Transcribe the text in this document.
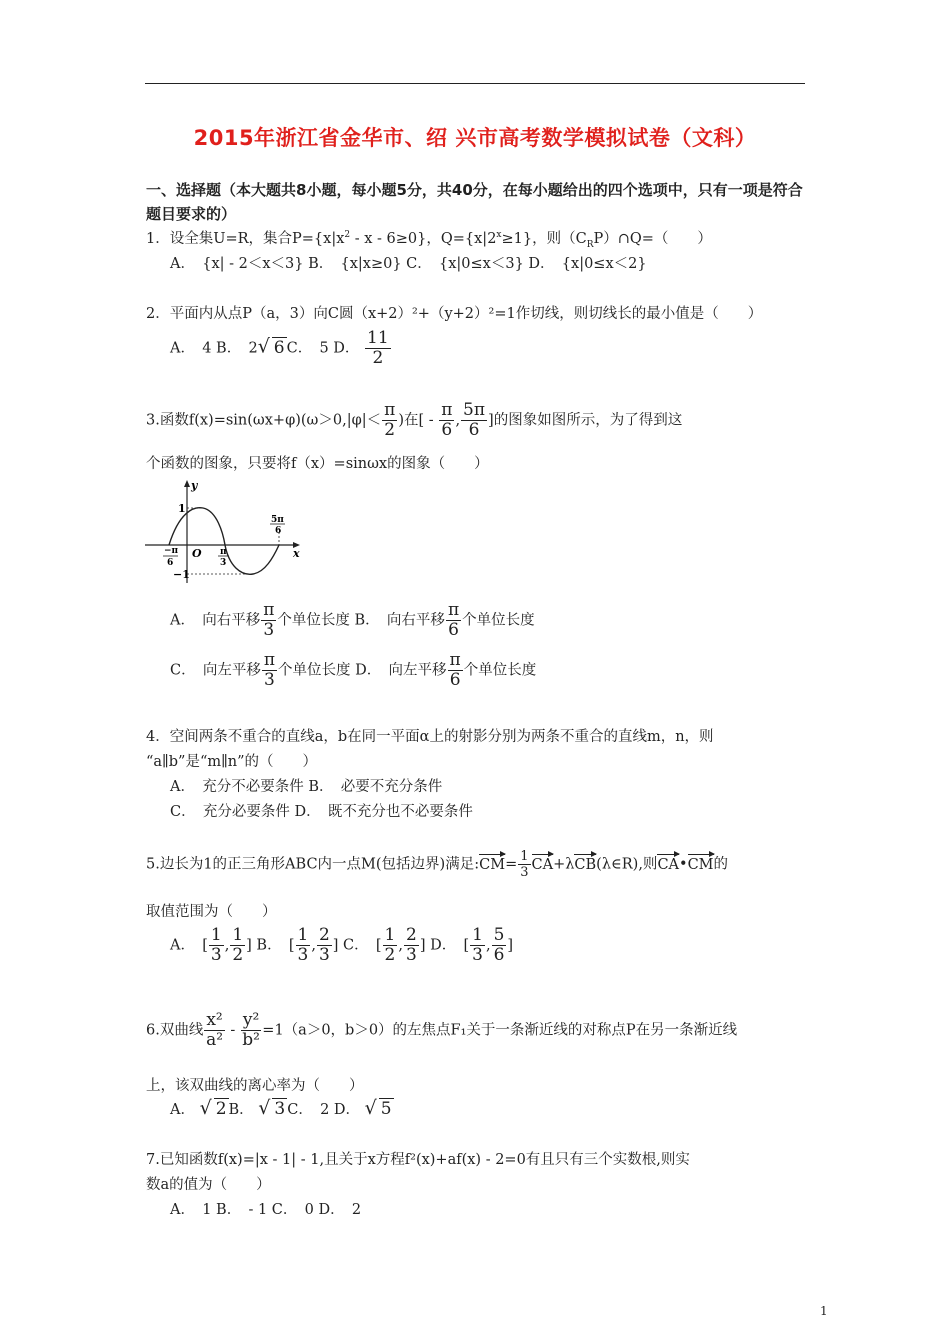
2015年浙江省金华市、绍 兴市高考数学模拟试卷（文科）
一、选择题（本大题共8小题，每小题5分，共40分，在每小题给出的四个选项中，只有一项是符合题目要求的）
1．设全集U=R，集合$P=\{x|x^2 - x - 6\ge 0\}$，$Q=\{x|2^x\ge 1\}$，则$(C_RP)\cap Q=$（　　）
A．　{x| - 2＜x＜3} B．　{x|x≥0} C．　{x|0≤x＜3} D．　{x|0≤x＜2}
2．平面内从点P（a，3）向C圆（x+2）²+（y+2）²=1作切线，则切线长的最小值是（　　）
A．　4 B．　2√ 6 C．　5 D． $\frac{11}{2}$
3.函数$f(x)=\sin(\omega x+\varphi)(\omega>0,|\varphi|< \frac{\pi}{2}$ )在[ - $\frac{\pi}{6}$ , $\frac{5\pi}{6}$ ]的图象如图所示，为了得到这
个函数的图象，只要将f（x）=sinωx的图象（　　）
y
x
1
−1
O
−π
6
π
3
5π
6
A．　向右平移 $\frac{\pi}{3}$ 个单位长度 B．　向右平移 $\frac{\pi}{6}$ 个单位长度
C．　向左平移 $\frac{\pi}{3}$ 个单位长度 D．　向左平移 $\frac{\pi}{6}$ 个单位长度
4．空间两条不重合的直线a，b在同一平面α上的射影分别为两条不重合的直线m，n，则
“a∥b”是“m∥n”的（　　）
A．　充分不必要条件 B．　必要不充分条件
C．　充分必要条件 D．　既不充分也不必要条件
5.边长为1的正三角形ABC内一点M(包括边界)满足:CM= $\frac{1}{3}$ CA+λCB(λ∈R),则CA•CM的
取值范围为（　　）
A．　[ $\frac{1}{3}$ , $\frac{1}{2}$ ] B．　[ $\frac{1}{3}$ , $\frac{2}{3}$ ] C．　[ $\frac{1}{2}$ , $\frac{2}{3}$ ] D．　[ $\frac{1}{3}$ , $\frac{5}{6}$ ]
6.双曲线 $\frac{\text{x²}}{\text{a²}} - \frac{\text{y²}}{\text{b²}} =1(a>0$，b＞0）的左焦点F₁关于一条渐近线的对称点P在另一条渐近线
上，该双曲线的离心率为（　　）
A． √ 2 B． √ 3 C．　2 D． √ 5
7.已知函数f(x)=|x - 1| - 1,且关于x方程f²(x)+af(x) - 2=0有且只有三个实数根,则实
数a的值为（　　）
A．　1 B．　- 1 C．　0 D．　2
1
